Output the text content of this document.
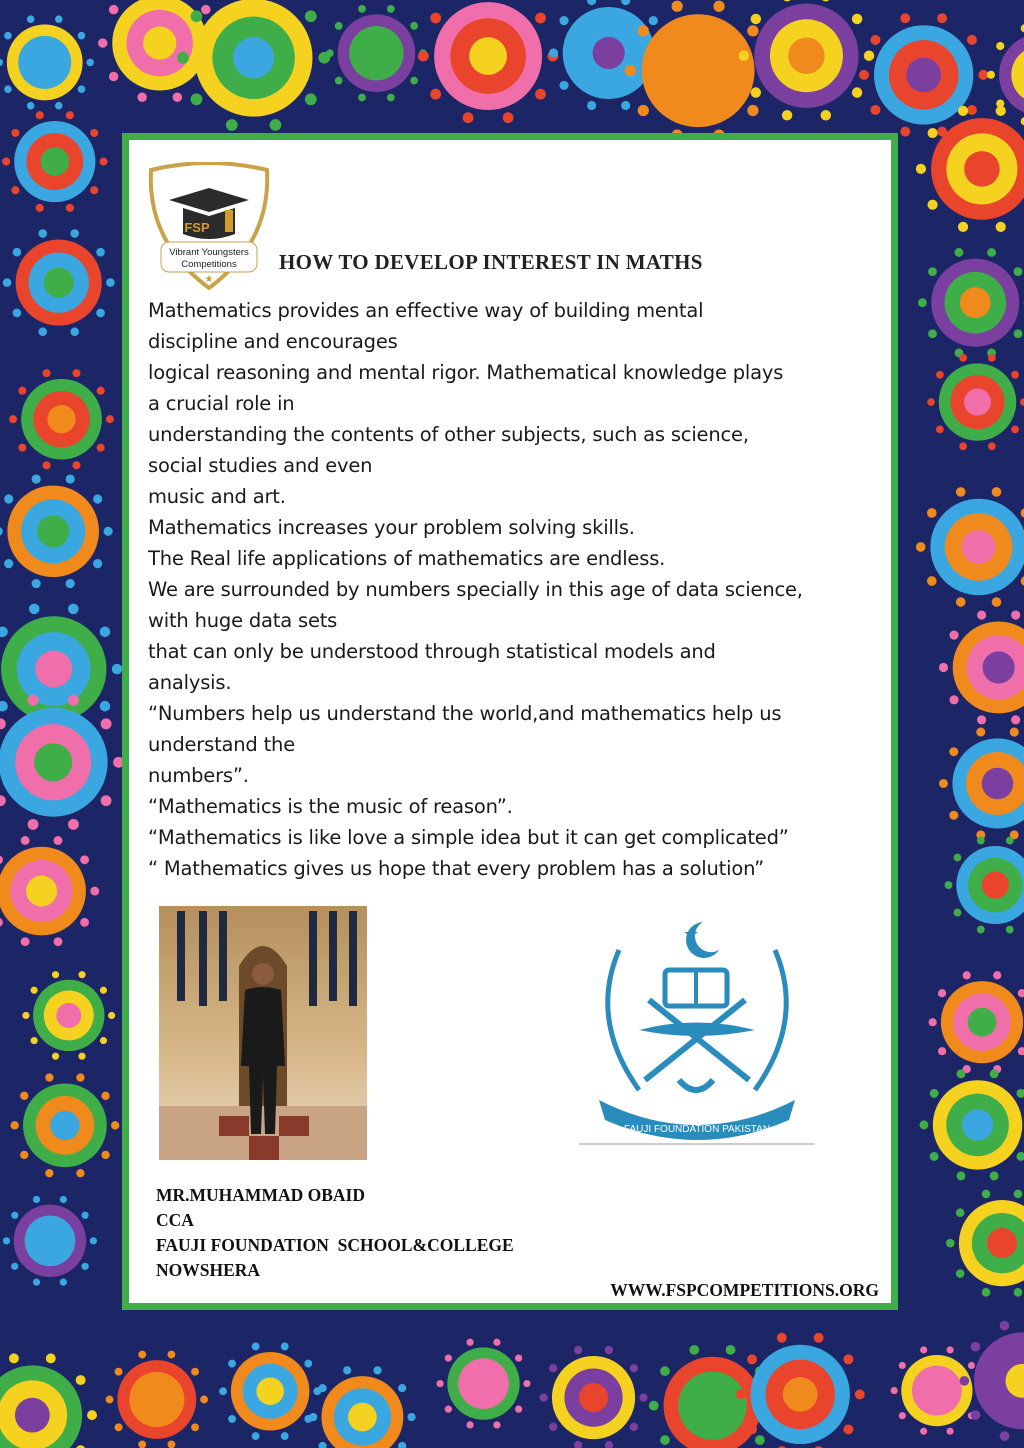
FSP
Vibrant Youngsters
Competitions
★
HOW TO DEVELOP INTEREST IN MATHS
Mathematics provides an effective way of building mental
discipline and encourages
logical reasoning and mental rigor. Mathematical knowledge plays
a crucial role in
understanding the contents of other subjects, such as science,
social studies and even
music and art.
Mathematics increases your problem solving skills.
The Real life applications of mathematics are endless.
We are surrounded by numbers specially in this age of data science,
with huge data sets
that can only be understood through statistical models and
analysis.
“Numbers help us understand the world,and mathematics help us
understand the
numbers”.
“Mathematics is the music of reason”.
“Mathematics is like love a simple idea but it can get complicated”
“ Mathematics gives us hope that every problem has a solution”
★
FAUJI FOUNDATION PAKISTAN
MR.MUHAMMAD OBAID
CCA
FAUJI FOUNDATION  SCHOOL&COLLEGE
NOWSHERA
WWW.FSPCOMPETITIONS.ORG
